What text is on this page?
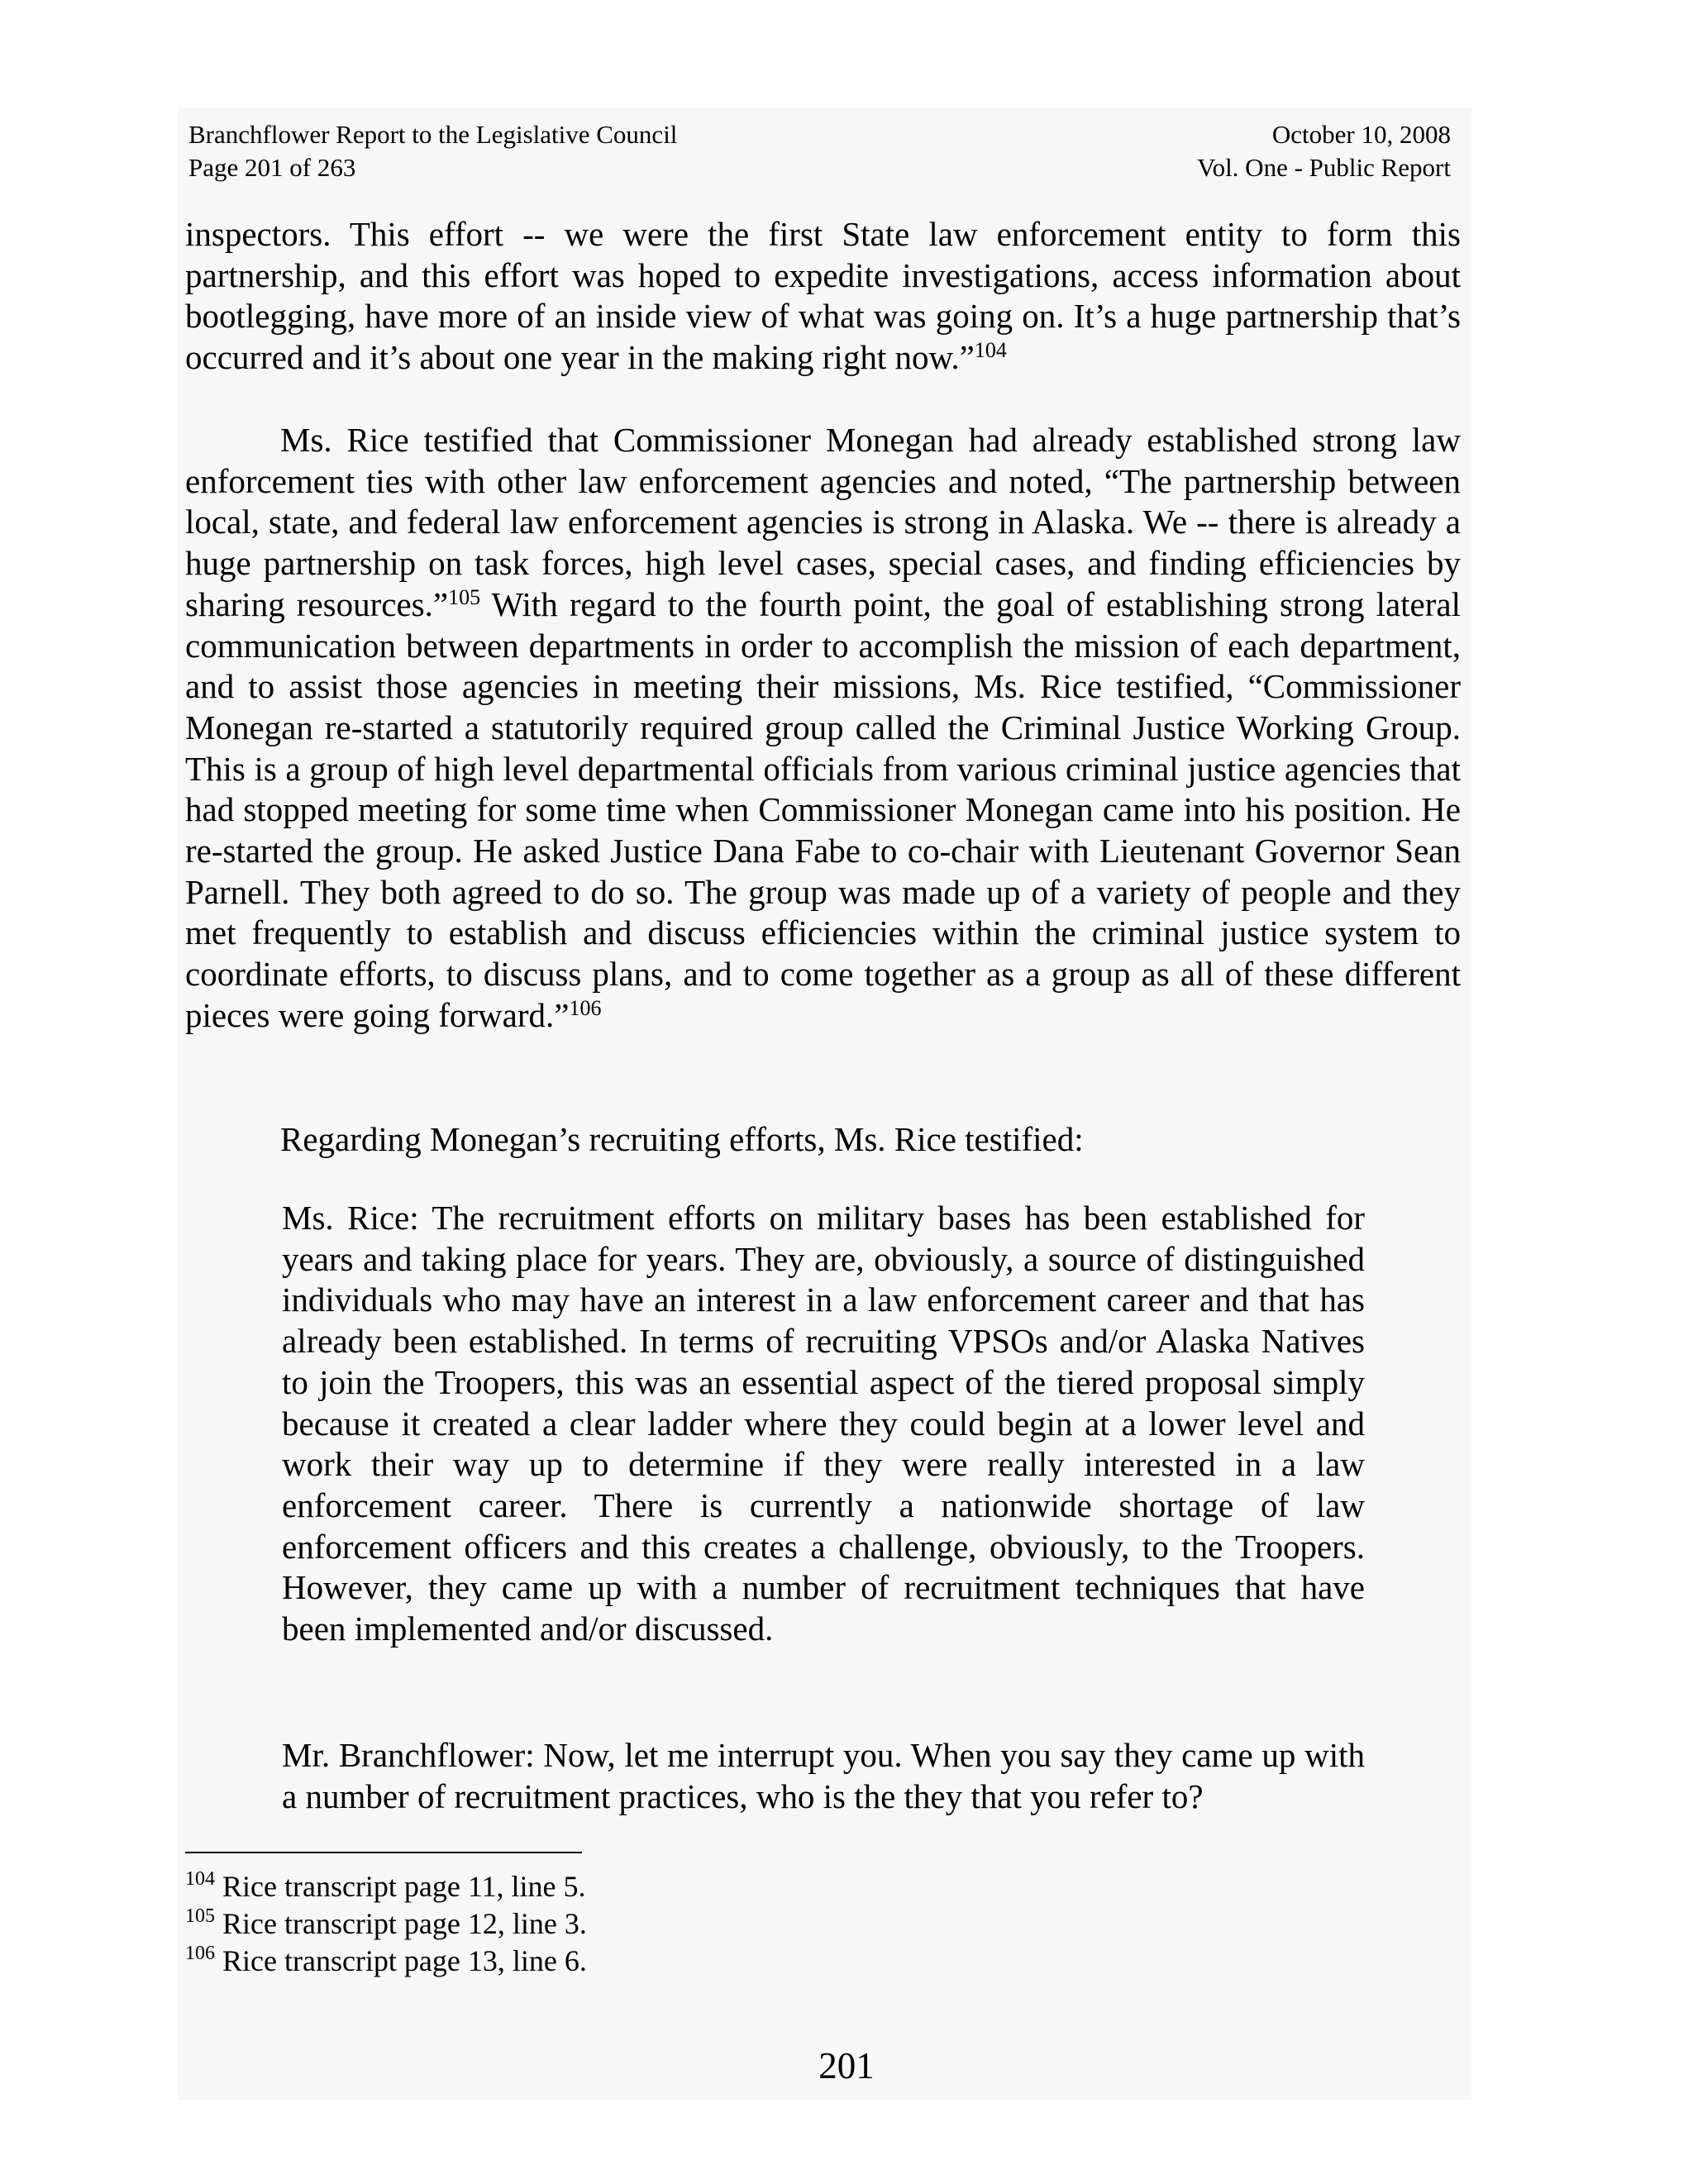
Branchflower Report to the Legislative Council
Page 201 of 263
October 10, 2008
Vol. One - Public Report

inspectors. This effort -- we were the first State law enforcement entity to form this partnership, and this effort was hoped to expedite investigations, access information about bootlegging, have more of an inside view of what was going on. It’s a huge partnership that’s occurred and it’s about one year in the making right now.”$^{104}$

Ms. Rice testified that Commissioner Monegan had already established strong law enforcement ties with other law enforcement agencies and noted, “The partnership between local, state, and federal law enforcement agencies is strong in Alaska. We -- there is already a huge partnership on task forces, high level cases, special cases, and finding efficiencies by sharing resources.”$^{105}$ With regard to the fourth point, the goal of establishing strong lateral communication between departments in order to accomplish the mission of each department, and to assist those agencies in meeting their missions, Ms. Rice testified, “Commissioner Monegan re-started a statutorily required group called the Criminal Justice Working Group. This is a group of high level departmental officials from various criminal justice agencies that had stopped meeting for some time when Commissioner Monegan came into his position. He re-started the group. He asked Justice Dana Fabe to co-chair with Lieutenant Governor Sean Parnell. They both agreed to do so. The group was made up of a variety of people and they met frequently to establish and discuss efficiencies within the criminal justice system to coordinate efforts, to discuss plans, and to come together as a group as all of these different pieces were going forward.”$^{106}$

Regarding Monegan’s recruiting efforts, Ms. Rice testified:

Ms. Rice: The recruitment efforts on military bases has been established for years and taking place for years. They are, obviously, a source of distinguished individuals who may have an interest in a law enforcement career and that has already been established. In terms of recruiting VPSOs and/or Alaska Natives to join the Troopers, this was an essential aspect of the tiered proposal simply because it created a clear ladder where they could begin at a lower level and work their way up to determine if they were really interested in a law enforcement career. There is currently a nationwide shortage of law enforcement officers and this creates a challenge, obviously, to the Troopers. However, they came up with a number of recruitment techniques that have been implemented and/or discussed.

Mr. Branchflower: Now, let me interrupt you. When you say they came up with a number of recruitment practices, who is the they that you refer to?

$^{104}$ Rice transcript page 11, line 5.
$^{105}$ Rice transcript page 12, line 3.
$^{106}$ Rice transcript page 13, line 6.
201
